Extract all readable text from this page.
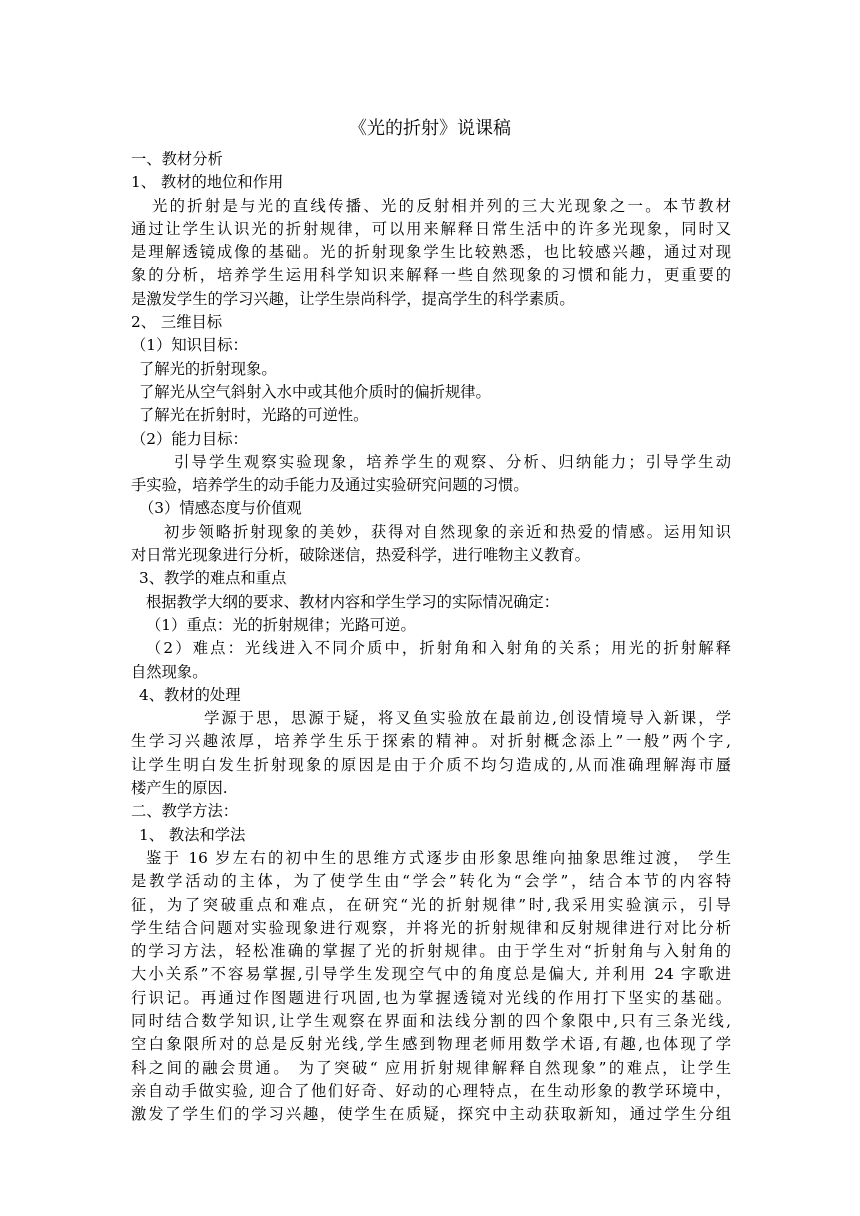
《光的折射》说课稿
一、教材分析
1、 教材的地位和作用
光的折射是与光的直线传播、光的反射相并列的三大光现象之一。本节教材
通过让学生认识光的折射规律，可以用来解释日常生活中的许多光现象，同时又
是理解透镜成像的基础。光的折射现象学生比较熟悉，也比较感兴趣，通过对现
象的分析，培养学生运用科学知识来解释一些自然现象的习惯和能力，更重要的
是激发学生的学习兴趣，让学生崇尚科学，提高学生的科学素质。
2、 三维目标
（1）知识目标：
了解光的折射现象。
了解光从空气斜射入水中或其他介质时的偏折规律。
了解光在折射时，光路的可逆性。
（2）能力目标：
引导学生观察实验现象，培养学生的观察、分析、归纳能力；引导学生动
手实验，培养学生的动手能力及通过实验研究问题的习惯。
（3）情感态度与价值观
初步领略折射现象的美妙，获得对自然现象的亲近和热爱的情感。运用知识
对日常光现象进行分析，破除迷信，热爱科学，进行唯物主义教育。
3、教学的难点和重点
根据教学大纲的要求、教材内容和学生学习的实际情况确定：
（1）重点：光的折射规律；光路可逆。
（2）难点：光线进入不同介质中，折射角和入射角的关系；用光的折射解释
自然现象。
4、教材的处理
学源于思，思源于疑，将叉鱼实验放在最前边,创设情境导入新课，学
生学习兴趣浓厚，培养学生乐于探索的精神。对折射概念添上”一般”两个字,
让学生明白发生折射现象的原因是由于介质不均匀造成的,从而准确理解海市蜃
楼产生的原因.
二、教学方法：
1、 教法和学法
鉴于 16 岁左右的初中生的思维方式逐步由形象思维向抽象思维过渡， 学生
是教学活动的主体，为了使学生由“学会”转化为“会学”，结合本节的内容特
征，为了突破重点和难点，在研究“光的折射规律”时,我采用实验演示，引导
学生结合问题对实验现象进行观察，并将光的折射规律和反射规律进行对比分析
的学习方法，轻松准确的掌握了光的折射规律。由于学生对“折射角与入射角的
大小关系”不容易掌握,引导学生发现空气中的角度总是偏大, 并利用 24 字歌进
行识记。再通过作图题进行巩固,也为掌握透镜对光线的作用打下坚实的基础。
同时结合数学知识,让学生观察在界面和法线分割的四个象限中,只有三条光线,
空白象限所对的总是反射光线,学生感到物理老师用数学术语,有趣,也体现了学
科之间的融会贯通。 为了突破“ 应用折射规律解释自然现象”的难点，让学生
亲自动手做实验, 迎合了他们好奇、好动的心理特点，在生动形象的教学环境中，
激发了学生们的学习兴趣，使学生在质疑，探究中主动获取新知，通过学生分组
